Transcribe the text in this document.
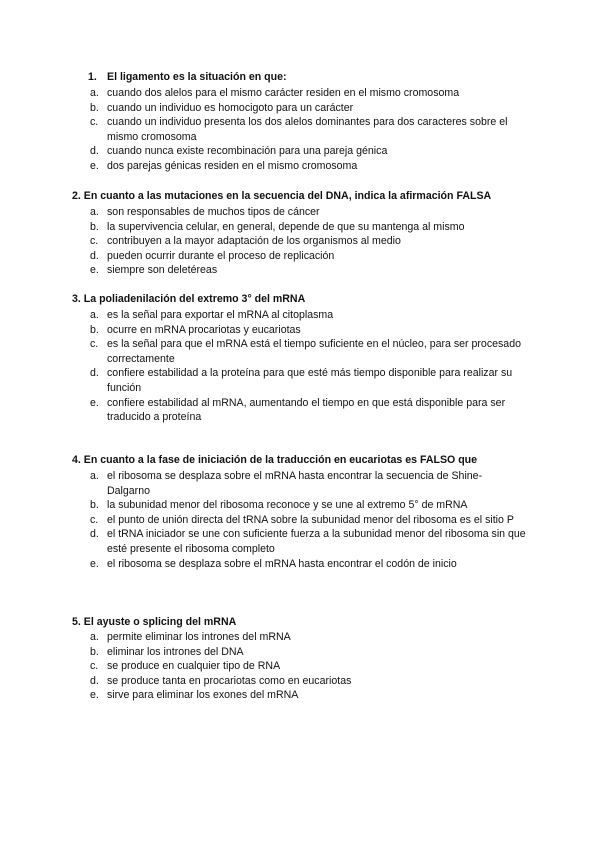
1. El ligamento es la situación en que:
a. cuando dos alelos para el mismo carácter residen en el mismo cromosoma
b. cuando un individuo es homocigoto para un carácter
c. cuando un individuo presenta los dos alelos dominantes para dos caracteres sobre el mismo cromosoma
d. cuando nunca existe recombinación para una pareja génica
e. dos parejas génicas residen en el mismo cromosoma
2. En cuanto a las mutaciones en la secuencia del DNA, indica la afirmación FALSA
a. son responsables de muchos tipos de cáncer
b. la supervivencia celular, en general, depende de que su mantenga al mismo
c. contribuyen a la mayor adaptación de los organismos al medio
d. pueden ocurrir durante el proceso de replicación
e. siempre son deletéreas
3. La poliadenilación del extremo 3° del mRNA
a. es la señal para exportar el mRNA al citoplasma
b. ocurre en mRNA procariotas y eucariotas
c. es la señal para que el mRNA está el tiempo suficiente en el núcleo, para ser procesado correctamente
d. confiere estabilidad a la proteína para que esté más tiempo disponible para realizar su función
e. confiere estabilidad al mRNA, aumentando el tiempo en que está disponible para ser traducido a proteína
4. En cuanto a la fase de iniciación de la traducción en eucariotas es FALSO que
a. el ribosoma se desplaza sobre el mRNA hasta encontrar la secuencia de Shine-Dalgarno
b. la subunidad menor del ribosoma reconoce y se une al extremo 5° de mRNA
c. el punto de unión directa del tRNA sobre la subunidad menor del ribosoma es el sitio P
d. el tRNA iniciador se une con suficiente fuerza a la subunidad menor del ribosoma sin que esté presente el ribosoma completo
e. el ribosoma se desplaza sobre el mRNA hasta encontrar el codón de inicio
5. El ayuste o splicing del mRNA
a. permite eliminar los intrones del mRNA
b. eliminar los intrones del DNA
c. se produce en cualquier tipo de RNA
d. se produce tanta en procariotas como en eucariotas
e. sirve para eliminar los exones del mRNA
